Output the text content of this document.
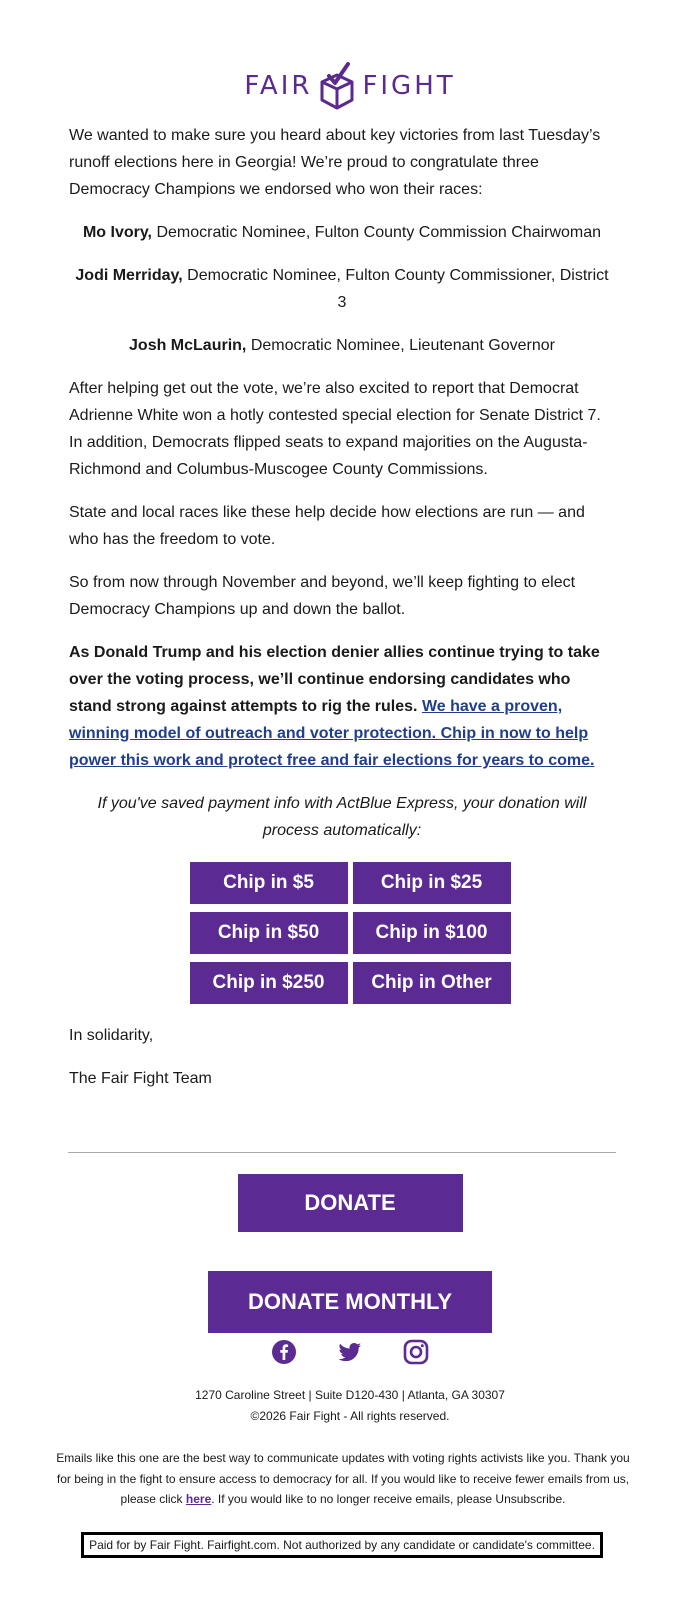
FAIR FIGHT

We wanted to make sure you heard about key victories from last Tuesday’s runoff elections here in Georgia! We’re proud to congratulate three Democracy Champions we endorsed who won their races:

Mo Ivory, Democratic Nominee, Fulton County Commission Chairwoman

Jodi Merriday, Democratic Nominee, Fulton County Commissioner, District 3

Josh McLaurin, Democratic Nominee, Lieutenant Governor

After helping get out the vote, we’re also excited to report that Democrat Adrienne White won a hotly contested special election for Senate District 7. In addition, Democrats flipped seats to expand majorities on the Augusta-Richmond and Columbus-Muscogee County Commissions.

State and local races like these help decide how elections are run — and who has the freedom to vote.

So from now through November and beyond, we’ll keep fighting to elect Democracy Champions up and down the ballot.

As Donald Trump and his election denier allies continue trying to take over the voting process, we’ll continue endorsing candidates who stand strong against attempts to rig the rules. We have a proven, winning model of outreach and voter protection. Chip in now to help power this work and protect free and fair elections for years to come.

If you've saved payment info with ActBlue Express, your donation will process automatically:

Chip in $5	Chip in $25
Chip in $50	Chip in $100
Chip in $250	Chip in Other

In solidarity,

The Fair Fight Team

DONATE
DONATE MONTHLY
1270 Caroline Street | Suite D120-430 | Atlanta, GA 30307
©2026 Fair Fight - All rights reserved.
Emails like this one are the best way to communicate updates with voting rights activists like you. Thank you for being in the fight to ensure access to democracy for all. If you would like to receive fewer emails from us, please click here. If you would like to no longer receive emails, please Unsubscribe.
Paid for by Fair Fight. Fairfight.com. Not authorized by any candidate or candidate's committee.
